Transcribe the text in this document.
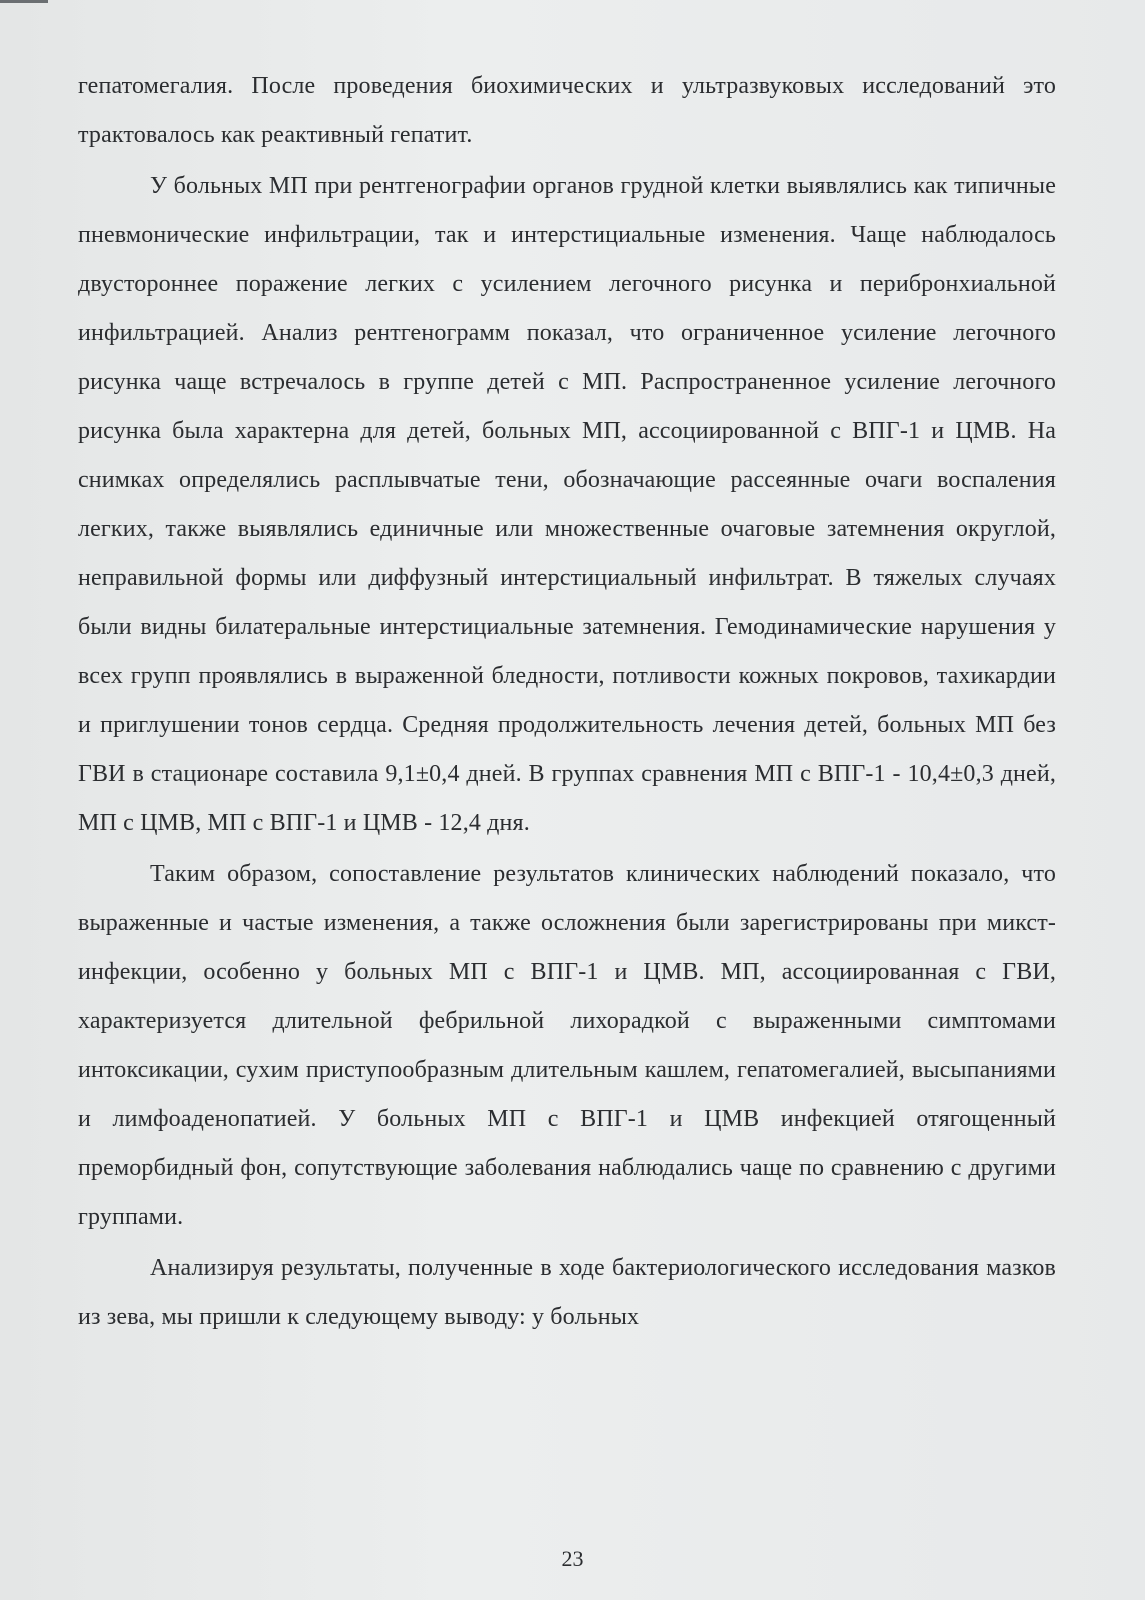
гепатомегалия. После проведения биохимических и ультразвуковых исследований это трактовалось как реактивный гепатит.

У больных МП при рентгенографии органов грудной клетки выявлялись как типичные пневмонические инфильтрации, так и интерстициальные изменения. Чаще наблюдалось двустороннее поражение легких с усилением легочного рисунка и перибронхиальной инфильтрацией. Анализ рентгенограмм показал, что ограниченное усиление легочного рисунка чаще встречалось в группе детей с МП. Распространенное усиление легочного рисунка была характерна для детей, больных МП, ассоциированной с ВПГ-1 и ЦМВ. На снимках определялись расплывчатые тени, обозначающие рассеянные очаги воспаления легких, также выявлялись единичные или множественные очаговые затемнения округлой, неправильной формы или диффузный интерстициальный инфильтрат. В тяжелых случаях были видны билатеральные интерстициальные затемнения. Гемодинамические нарушения у всех групп проявлялись в выраженной бледности, потливости кожных покровов, тахикардии и приглушении тонов сердца. Средняя продолжительность лечения детей, больных МП без ГВИ в стационаре составила 9,1±0,4 дней. В группах сравнения МП с ВПГ-1 - 10,4±0,3 дней, МП с ЦМВ, МП с ВПГ-1 и ЦМВ - 12,4 дня.

Таким образом, сопоставление результатов клинических наблюдений показало, что выраженные и частые изменения, а также осложнения были зарегистрированы при микст-инфекции, особенно у больных МП с ВПГ-1 и ЦМВ. МП, ассоциированная с ГВИ, характеризуется длительной фебрильной лихорадкой с выраженными симптомами интоксикации, сухим приступообразным длительным кашлем, гепатомегалией, высыпаниями и лимфоаденопатией. У больных МП с ВПГ-1 и ЦМВ инфекцией отягощенный преморбидный фон, сопутствующие заболевания наблюдались чаще по сравнению с другими группами.

Анализируя результаты, полученные в ходе бактериологического исследования мазков из зева, мы пришли к следующему выводу: у больных

23
